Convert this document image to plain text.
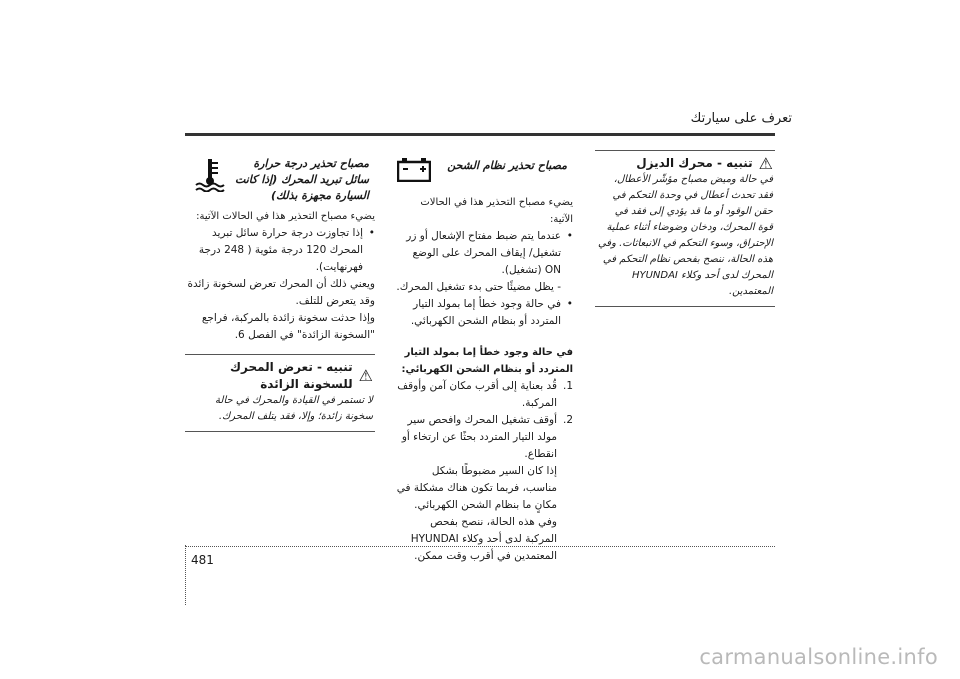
تعرف على سيارتك
⚠
تنبيه - محرك الديزل
في حالة وميض مصباح مؤشّر الأعطال، فقد تحدث أعطال في وحدة التحكم في حقن الوقود أو ما قد يؤدي إلى فقد في قوة المحرك، ودخان وضوضاء أثناء عملية الإحتراق، وسوء التحكم في الانبعاثات. وفي هذه الحالة، ننصح بفحص نظام التحكم في المحرك لدى أحد وكلاء HYUNDAI المعتمدين.
مصباح تحذير نظام الشحن
يضيء مصباح التحذير هذا في الحالات الآتية:
• عندما يتم ضبط مفتاح الإشعال أو زر تشغيل/ إيقاف المحرك على الوضع ON (تشغيل).
- يظل مضيئًا حتى بدء تشغيل المحرك.
• في حالة وجود خطأ إما بمولد التيار المتردد أو بنظام الشحن الكهربائي.
في حالة وجود خطأ إما بمولد التيار المتردد أو بنظام الشحن الكهربائي:
1.
قُد بعناية إلى أقرب مكان آمن وأوقف المركبة.
2.
أوقف تشغيل المحرك وافحص سير مولد التيار المتردد بحثًا عن ارتخاء أو انقطاع.
إذا كان السير مضبوطًا بشكل مناسب، فربما تكون هناك مشكلة في مكانٍ ما بنظام الشحن الكهربائي.
وفي هذه الحالة، ننصح بفحص المركبة لدى أحد وكلاء HYUNDAI المعتمدين في أقرب وقت ممكن.
مصباح تحذير درجة حرارة سائل تبريد المحرك (إذا كانت السيارة مجهزة بذلك)
يضيء مصباح التحذير هذا في الحالات الآتية:
• إذا تجاوزت درجة حرارة سائل تبريد المحرك 120 درجة مئوية ( 248 درجة فهرنهايت).
ويعني ذلك أن المحرك تعرض لسخونة زائدة وقد يتعرض للتلف.
وإذا حدثت سخونة زائدة بالمركبة، فراجع "السخونة الزائدة" في الفصل 6.
⚠
تنبيه - تعرض المحرك للسخونة الزائدة
لا تستمر في القيادة والمحرك في حالة سخونة زائدة؛ وإلا، فقد يتلف المحرك.
4 81
carmanualsonline.info
